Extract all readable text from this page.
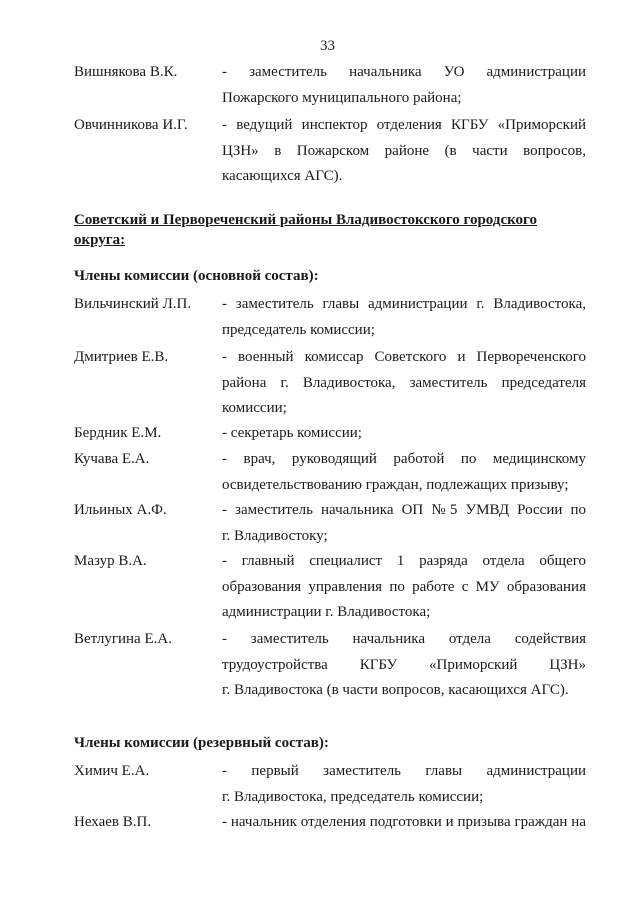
33
Вишнякова В.К.	- заместитель начальника УО администрации
Пожарского муниципального района;
Овчинникова И.Г. - ведущий инспектор отделения КГБУ «Приморский
ЦЗН» в Пожарском районе (в части вопросов,
касающихся АГС).
Советский и Первореченский районы Владивостокского городского
округа:
Члены комиссии (основной состав):
Вильчинский Л.П. - заместитель главы администрации г. Владивостока,
председатель комиссии;
Дмитриев Е.В.	- военный комиссар Советского и Первореченского
района г. Владивостока, заместитель председателя
комиссии;
Бердник Е.М.	- секретарь комиссии;
Кучава Е.А.	- врач, руководящий работой по медицинскому
освидетельствованию граждан, подлежащих призыву;
Ильиных А.Ф.	- заместитель начальника ОП №5 УМВД России по
г. Владивостоку;
Мазур В.А.	- главный специалист 1 разряда отдела общего
образования управления по работе с МУ образования
администрации г. Владивостока;
Ветлугина Е.А.	- заместитель начальника отдела содействия
трудоустройства КГБУ «Приморский ЦЗН»
г. Владивостока (в части вопросов, касающихся АГС).
Члены комиссии (резервный состав):
Химич Е.А.	- первый заместитель главы администрации
г. Владивостока, председатель комиссии;
Нехаев В.П.	- начальник отделения подготовки и призыва граждан на
